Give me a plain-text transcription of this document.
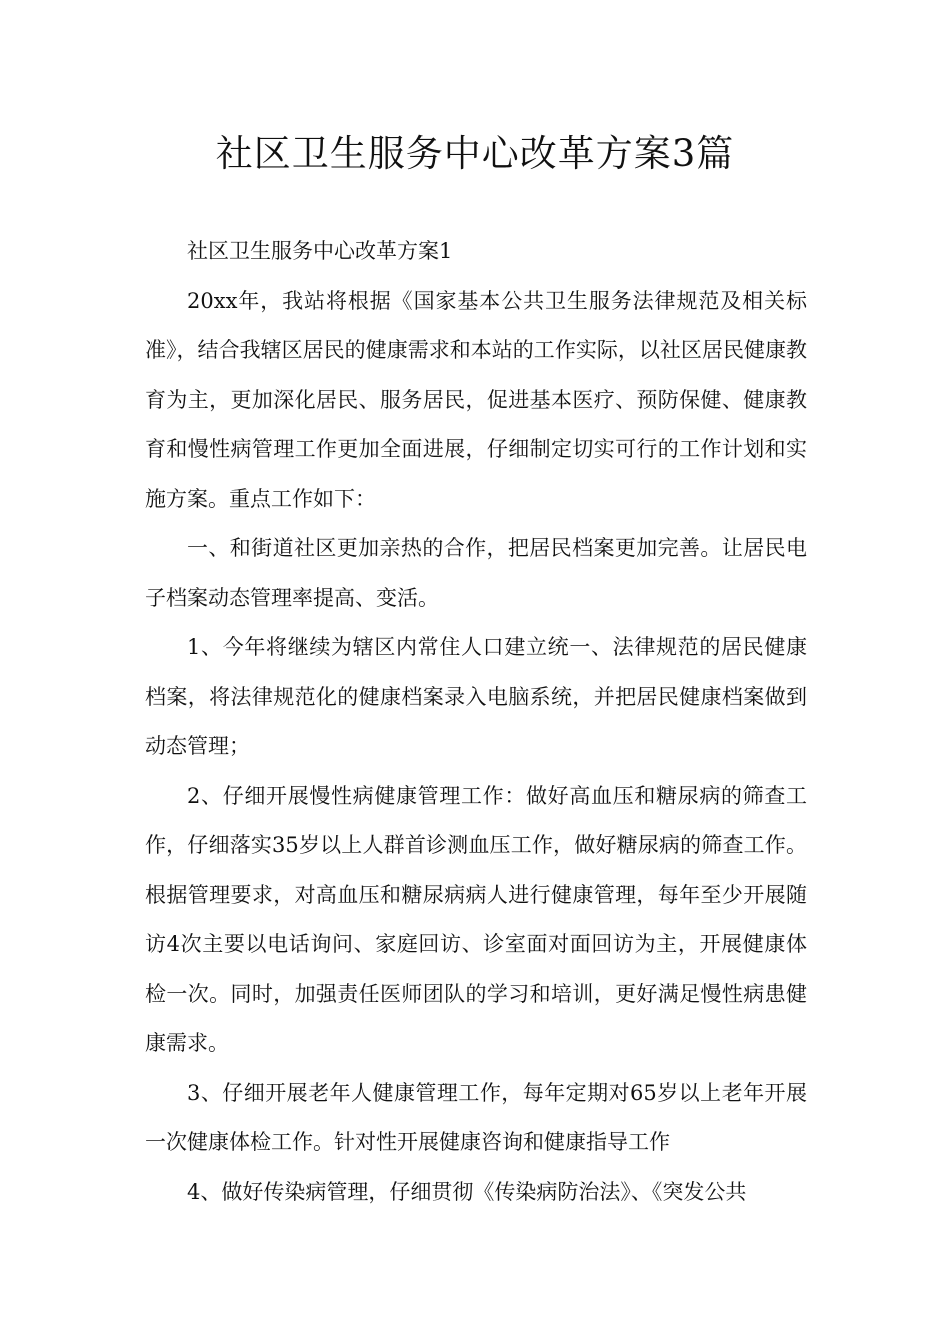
社区卫生服务中心改革方案3篇

社区卫生服务中心改革方案1

20xx年，我站将根据《国家基本公共卫生服务法律规范及相关标准》，结合我辖区居民的健康需求和本站的工作实际，以社区居民健康教育为主，更加深化居民、服务居民，促进基本医疗、预防保健、健康教育和慢性病管理工作更加全面进展，仔细制定切实可行的工作计划和实施方案。重点工作如下：

一、和街道社区更加亲热的合作，把居民档案更加完善。让居民电子档案动态管理率提高、变活。

1、今年将继续为辖区内常住人口建立统一、法律规范的居民健康档案，将法律规范化的健康档案录入电脑系统，并把居民健康档案做到动态管理；

2、仔细开展慢性病健康管理工作：做好高血压和糖尿病的筛查工作，仔细落实35岁以上人群首诊测血压工作，做好糖尿病的筛查工作。根据管理要求，对高血压和糖尿病病人进行健康管理，每年至少开展随访4次主要以电话询问、家庭回访、诊室面对面回访为主，开展健康体检一次。同时，加强责任医师团队的学习和培训，更好满足慢性病患健康需求。

3、仔细开展老年人健康管理工作，每年定期对65岁以上老年开展一次健康体检工作。针对性开展健康咨询和健康指导工作

4、做好传染病管理，仔细贯彻《传染病防治法》、《突发公共
